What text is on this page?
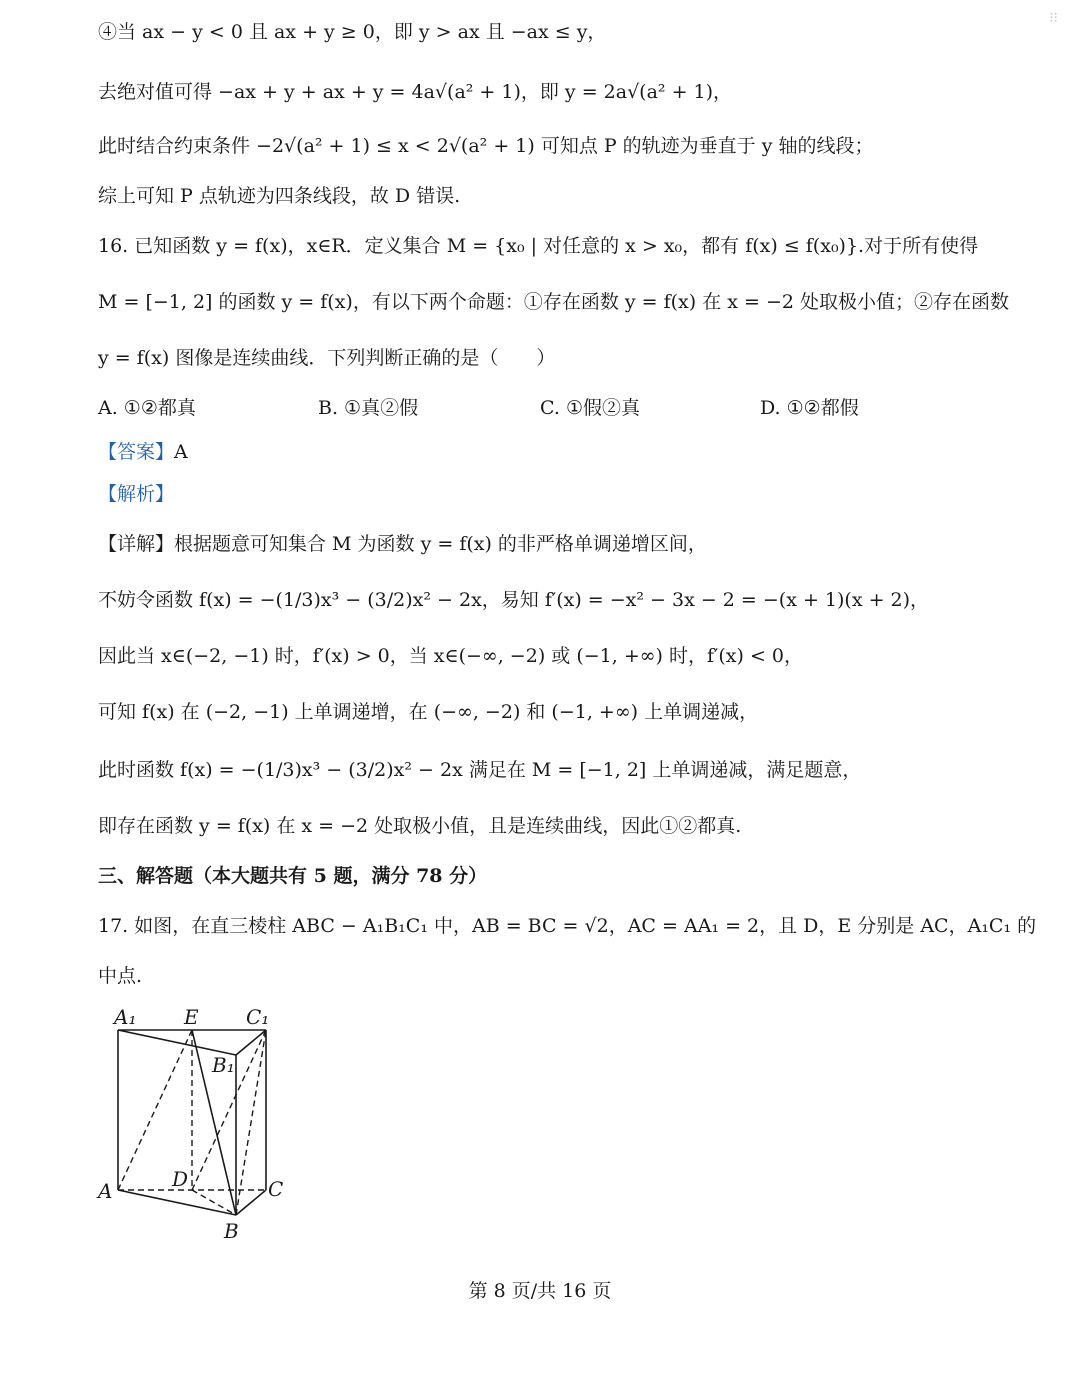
⁝⁝
④当 ax − y < 0 且 ax + y ≥ 0，即 y > ax 且 −ax ≤ y，
去绝对值可得 −ax + y + ax + y = 4a√(a² + 1)，即 y = 2a√(a² + 1)，
此时结合约束条件 −2√(a² + 1) ≤ x < 2√(a² + 1) 可知点 P 的轨迹为垂直于 y 轴的线段；
综上可知 P 点轨迹为四条线段，故 D 错误.
16. 已知函数 y = f(x)，x∈R．定义集合 M = {x₀ | 对任意的 x > x₀，都有 f(x) ≤ f(x₀)}.对于所有使得
M = [−1, 2] 的函数 y = f(x)，有以下两个命题：①存在函数 y = f(x) 在 x = −2 处取极小值；②存在函数
y = f(x) 图像是连续曲线．下列判断正确的是（　　）
A. ①②都真	B. ①真②假	C. ①假②真	D. ①②都假
【答案】A
【解析】
【详解】根据题意可知集合 M 为函数 y = f(x) 的非严格单调递增区间，
不妨令函数 f(x) = −(1/3)x³ − (3/2)x² − 2x，易知 f′(x) = −x² − 3x − 2 = −(x + 1)(x + 2)，
因此当 x∈(−2, −1) 时，f′(x) > 0，当 x∈(−∞, −2) 或 (−1, +∞) 时，f′(x) < 0，
可知 f(x) 在 (−2, −1) 上单调递增，在 (−∞, −2) 和 (−1, +∞) 上单调递减，
此时函数 f(x) = −(1/3)x³ − (3/2)x² − 2x 满足在 M = [−1, 2] 上单调递减，满足题意，
即存在函数 y = f(x) 在 x = −2 处取极小值，且是连续曲线，因此①②都真.
三、解答题（本大题共有 5 题，满分 78 分）
17. 如图，在直三棱柱 ABC − A₁B₁C₁ 中，AB = BC = √2，AC = AA₁ = 2，且 D，E 分别是 AC，A₁C₁ 的
中点.
A₁ E C₁
B₁
A	D	C
B
第 8 页/共 16 页
